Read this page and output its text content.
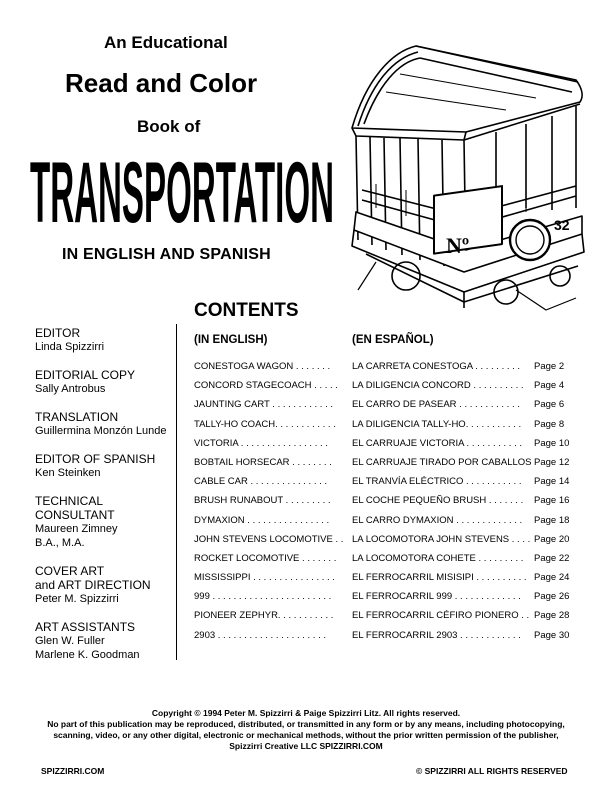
An Educational
Read and Color
Book of
TRANSPORTATION
IN ENGLISH AND SPANISH	Nº
32
CONTENTS
EDITOR
Linda Spizzirri
EDITORIAL COPY
Sally Antrobus
TRANSLATION
Guillermina Monzón Lunde
EDITOR OF SPANISH
Ken Steinken
TECHNICAL CONSULTANT
Maureen Zimney
B.A., M.A.
COVER ART
and ART DIRECTION
Peter M. Spizzirri
ART ASSISTANTS
Glen W. Fuller
Marlene K. Goodman
(IN ENGLISH)	(EN ESPAÑOL)
CONESTOGA WAGON . . . . . . . LA CARRETA CONESTOGA . . . . . . . . . Page 2
CONCORD STAGECOACH . . . . . LA DILIGENCIA CONCORD . . . . . . . . . . Page 4
JAUNTING CART . . . . . . . . . . . . EL CARRO DE PASEAR . . . . . . . . . . . . Page 6
TALLY-HO COACH. . . . . . . . . . . . LA DILIGENCIA TALLY-HO. . . . . . . . . . . Page 8
VICTORIA . . . . . . . . . . . . . . . . .	EL CARRUAJE VICTORIA . . . . . . . . . . . Page 10
BOBTAIL HORSECAR . . . . . . . . EL CARRUAJE TIRADO POR CABALLOS Page 12
CABLE CAR . . . . . . . . . . . . . . .	EL TRANVÍA ELÉCTRICO . . . . . . . . . . . Page 14
BRUSH RUNABOUT . . . . . . . . . EL COCHE PEQUEÑO BRUSH . . . . . . . Page 16
DYMAXION . . . . . . . . . . . . . . . . EL CARRO DYMAXION . . . . . . . . . . . . . Page 18
JOHN STEVENS LOCOMOTIVE . . LA LOCOMOTORA JOHN STEVENS . . . . Page 20
ROCKET LOCOMOTIVE . . . . . . . LA LOCOMOTORA COHETE . . . . . . . . . Page 22
MISSISSIPPI . . . . . . . . . . . . . . . . EL FERROCARRIL MISISIPI . . . . . . . . . . Page 24
999 . . . . . . . . . . . . . . . . . . . . . . . EL FERROCARRIL 999 . . . . . . . . . . . . . Page 26
PIONEER ZEPHYR. . . . . . . . . . . EL FERROCARRIL CÉFIRO PIONERO . . Page 28
2903 . . . . . . . . . . . . . . . . . . . . .	EL FERROCARRIL 2903 . . . . . . . . . . . . Page 30
Copyright © 1994 Peter M. Spizzirri & Paige Spizzirri Litz. All rights reserved.
No part of this publication may be reproduced, distributed, or transmitted in any form or by any means, including photocopying,
scanning, video, or any other digital, electronic or mechanical methods, without the prior written permission of the publisher,
Spizzirri Creative LLC SPIZZIRRI.COM
SPIZZIRRI.COM	© SPIZZIRRI ALL RIGHTS RESERVED
